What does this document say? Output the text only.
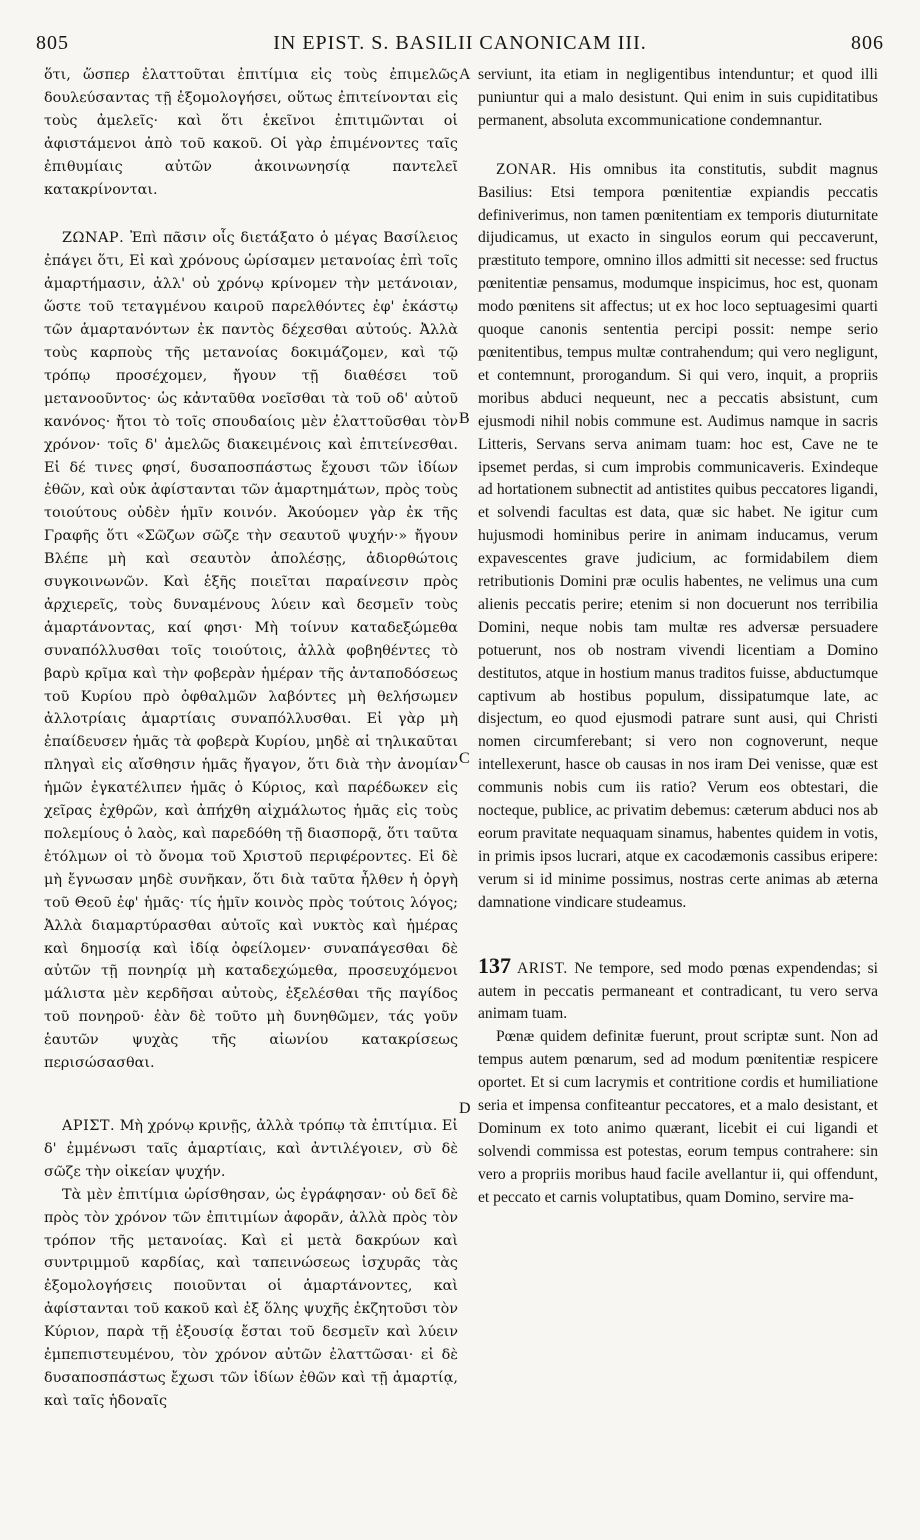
805	IN EPIST. S. BASILII CANONICAM III.	806
A
B
C
D

ὅτι, ὥσπερ ἐλαττοῦται ἐπιτίμια εἰς τοὺς ἐπιμελῶς δουλεύσαντας τῇ ἐξομολογήσει, οὕτως ἐπιτείνονται εἰς τοὺς ἀμελεῖς· καὶ ὅτι ἐκεῖνοι ἐπιτιμῶνται οἱ ἀφιστάμενοι ἀπὸ τοῦ κακοῦ. Οἱ γὰρ ἐπιμένοντες ταῖς ἐπιθυμίαις αὐτῶν ἀκοινωνησίᾳ παντελεῖ κατακρίνονται.

ΖΩΝΑΡ. Ἐπὶ πᾶσιν οἷς διετάξατο ὁ μέγας Βασίλειος ἐπάγει ὅτι, Εἰ καὶ χρόνους ὡρίσαμεν μετανοίας ἐπὶ τοῖς ἁμαρτήμασιν, ἀλλ' οὐ χρόνῳ κρίνομεν τὴν μετάνοιαν, ὥστε τοῦ τεταγμένου καιροῦ παρελθόντες ἐφ' ἑκάστῳ τῶν ἁμαρτανόντων ἐκ παντὸς δέχεσθαι αὐτούς. Ἀλλὰ τοὺς καρποὺς τῆς μετανοίας δοκιμάζομεν, καὶ τῷ τρόπῳ προσέχομεν, ἤγουν τῇ διαθέσει τοῦ μετανοοῦντος· ὡς κἀνταῦθα νοεῖσθαι τὰ τοῦ οδ' αὐτοῦ κανόνος· ἤτοι τὸ τοῖς σπουδαίοις μὲν ἐλαττοῦσθαι τὸν χρόνον· τοῖς δ' ἀμελῶς διακειμένοις καὶ ἐπιτείνεσθαι. Εἰ δέ τινες φησί, δυσαποσπάστως ἔχουσι τῶν ἰδίων ἐθῶν, καὶ οὐκ ἀφίστανται τῶν ἁμαρτημάτων, πρὸς τοὺς τοιούτους οὐδὲν ἡμῖν κοινόν. Ἀκούομεν γὰρ ἐκ τῆς Γραφῆς ὅτι «Σῶζων σῶζε τὴν σεαυτοῦ ψυχήν·» ἤγουν Βλέπε μὴ καὶ σεαυτὸν ἀπολέσῃς, ἀδιορθώτοις συγκοινωνῶν. Καὶ ἑξῆς ποιεῖται παραίνεσιν πρὸς ἀρχιερεῖς, τοὺς δυναμένους λύειν καὶ δεσμεῖν τοὺς ἁμαρτάνοντας, καί φησι· Μὴ τοίνυν καταδεξώμεθα συναπόλλυσθαι τοῖς τοιούτοις, ἀλλὰ φοβηθέντες τὸ βαρὺ κρῖμα καὶ τὴν φοβερὰν ἡμέραν τῆς ἀνταποδόσεως τοῦ Κυρίου πρὸ ὀφθαλμῶν λαβόντες μὴ θελήσωμεν ἀλλοτρίαις ἁμαρτίαις συναπόλλυσθαι. Εἰ γὰρ μὴ ἐπαίδευσεν ἡμᾶς τὰ φοβερὰ Κυρίου, μηδὲ αἱ τηλικαῦται πληγαὶ εἰς αἴσθησιν ἡμᾶς ἤγαγον, ὅτι διὰ τὴν ἀνομίαν ἡμῶν ἐγκατέλιπεν ἡμᾶς ὁ Κύριος, καὶ παρέδωκεν εἰς χεῖρας ἐχθρῶν, καὶ ἀπήχθη αἰχμάλωτος ἡμᾶς εἰς τοὺς πολεμίους ὁ λαὸς, καὶ παρεδόθη τῇ διασπορᾷ, ὅτι ταῦτα ἐτόλμων οἱ τὸ ὄνομα τοῦ Χριστοῦ περιφέροντες. Εἰ δὲ μὴ ἔγνωσαν μηδὲ συνῆκαν, ὅτι διὰ ταῦτα ἦλθεν ἡ ὀργὴ τοῦ Θεοῦ ἐφ' ἡμᾶς· τίς ἡμῖν κοινὸς πρὸς τούτοις λόγος; Ἀλλὰ διαμαρτύρασθαι αὐτοῖς καὶ νυκτὸς καὶ ἡμέρας καὶ δημοσίᾳ καὶ ἰδίᾳ ὀφείλομεν· συναπάγεσθαι δὲ αὐτῶν τῇ πονηρίᾳ μὴ καταδεχώμεθα, προσευχόμενοι μάλιστα μὲν κερδῆσαι αὐτοὺς, ἐξελέσθαι τῆς παγίδος τοῦ πονηροῦ· ἐὰν δὲ τοῦτο μὴ δυνηθῶμεν, τάς γοῦν ἑαυτῶν ψυχὰς τῆς αἰωνίου κατακρίσεως περισώσασθαι.

ΑΡΙΣΤ. Μὴ χρόνῳ κρινῇς, ἀλλὰ τρόπῳ τὰ ἐπιτίμια. Εἰ δ' ἐμμένωσι ταῖς ἁμαρτίαις, καὶ ἀντιλέγοιεν, σὺ δὲ σῶζε τὴν οἰκείαν ψυχήν.

Τὰ μὲν ἐπιτίμια ὡρίσθησαν, ὡς ἐγράφησαν· οὐ δεῖ δὲ πρὸς τὸν χρόνον τῶν ἐπιτιμίων ἀφορᾶν, ἀλλὰ πρὸς τὸν τρόπον τῆς μετανοίας. Καὶ εἰ μετὰ δακρύων καὶ συντριμμοῦ καρδίας, καὶ ταπεινώσεως ἰσχυρᾶς τὰς ἐξομολογήσεις ποιοῦνται οἱ ἁμαρτάνοντες, καὶ ἀφίστανται τοῦ κακοῦ καὶ ἐξ ὅλης ψυχῆς ἐκζητοῦσι τὸν Κύριον, παρὰ τῇ ἐξουσίᾳ ἔσται τοῦ δεσμεῖν καὶ λύειν ἐμπεπιστευμένου, τὸν χρόνον αὐτῶν ἐλαττῶσαι· εἰ δὲ δυσαποσπάστως ἔχωσι τῶν ἰδίων ἐθῶν καὶ τῇ ἁμαρτίᾳ, καὶ ταῖς ἡδοναῖς

serviunt, ita etiam in negligentibus intenduntur; et quod illi puniuntur qui a malo desistunt. Qui enim in suis cupiditatibus permanent, absoluta excommunicatione condemnantur.

ZONAR. His omnibus ita constitutis, subdit magnus Basilius: Etsi tempora pœnitentiæ expiandis peccatis definiverimus, non tamen pœnitentiam ex temporis diuturnitate dijudicamus, ut exacto in singulos eorum qui peccaverunt, præstituto tempore, omnino illos admitti sit necesse: sed fructus pœnitentiæ pensamus, modumque inspicimus, hoc est, quonam modo pœnitens sit affectus; ut ex hoc loco septuagesimi quarti quoque canonis sententia percipi possit: nempe serio pœnitentibus, tempus multæ contrahendum; qui vero negligunt, et contemnunt, prorogandum. Si qui vero, inquit, a propriis moribus abduci nequeunt, nec a peccatis absistunt, cum ejusmodi nihil nobis commune est. Audimus namque in sacris Litteris, Servans serva animam tuam: hoc est, Cave ne te ipsemet perdas, si cum improbis communicaveris. Exindeque ad hortationem subnectit ad antistites quibus peccatores ligandi, et solvendi facultas est data, quæ sic habet. Ne igitur cum hujusmodi hominibus perire in animam inducamus, verum expavescentes grave judicium, ac formidabilem diem retributionis Domini præ oculis habentes, ne velimus una cum alienis peccatis perire; etenim si non docuerunt nos terribilia Domini, neque nobis tam multæ res adversæ persuadere potuerunt, nos ob nostram vivendi licentiam a Domino destitutos, atque in hostium manus traditos fuisse, abductumque captivum ab hostibus populum, dissipatumque late, ac disjectum, eo quod ejusmodi patrare sunt ausi, qui Christi nomen circumferebant; si vero non cognoverunt, neque intellexerunt, hasce ob causas in nos iram Dei venisse, quæ est communis nobis cum iis ratio? Verum eos obtestari, die nocteque, publice, ac privatim debemus: cæterum abduci nos ab eorum pravitate nequaquam sinamus, habentes quidem in votis, in primis ipsos lucrari, atque ex cacodæmonis cassibus eripere: verum si id minime possimus, nostras certe animas ab æterna damnatione vindicare studeamus.

137 ARIST. Ne tempore, sed modo pœnas expendendas; si autem in peccatis permaneant et contradicant, tu vero serva animam tuam.

Pœnæ quidem definitæ fuerunt, prout scriptæ sunt. Non ad tempus autem pœnarum, sed ad modum pœnitentiæ respicere oportet. Et si cum lacrymis et contritione cordis et humiliatione seria et impensa confiteantur peccatores, et a malo desistant, et Dominum ex toto animo quærant, licebit ei cui ligandi et solvendi commissa est potestas, eorum tempus contrahere: sin vero a propriis moribus haud facile avellantur ii, qui offendunt, et peccato et carnis voluptatibus, quam Domino, servire ma-
